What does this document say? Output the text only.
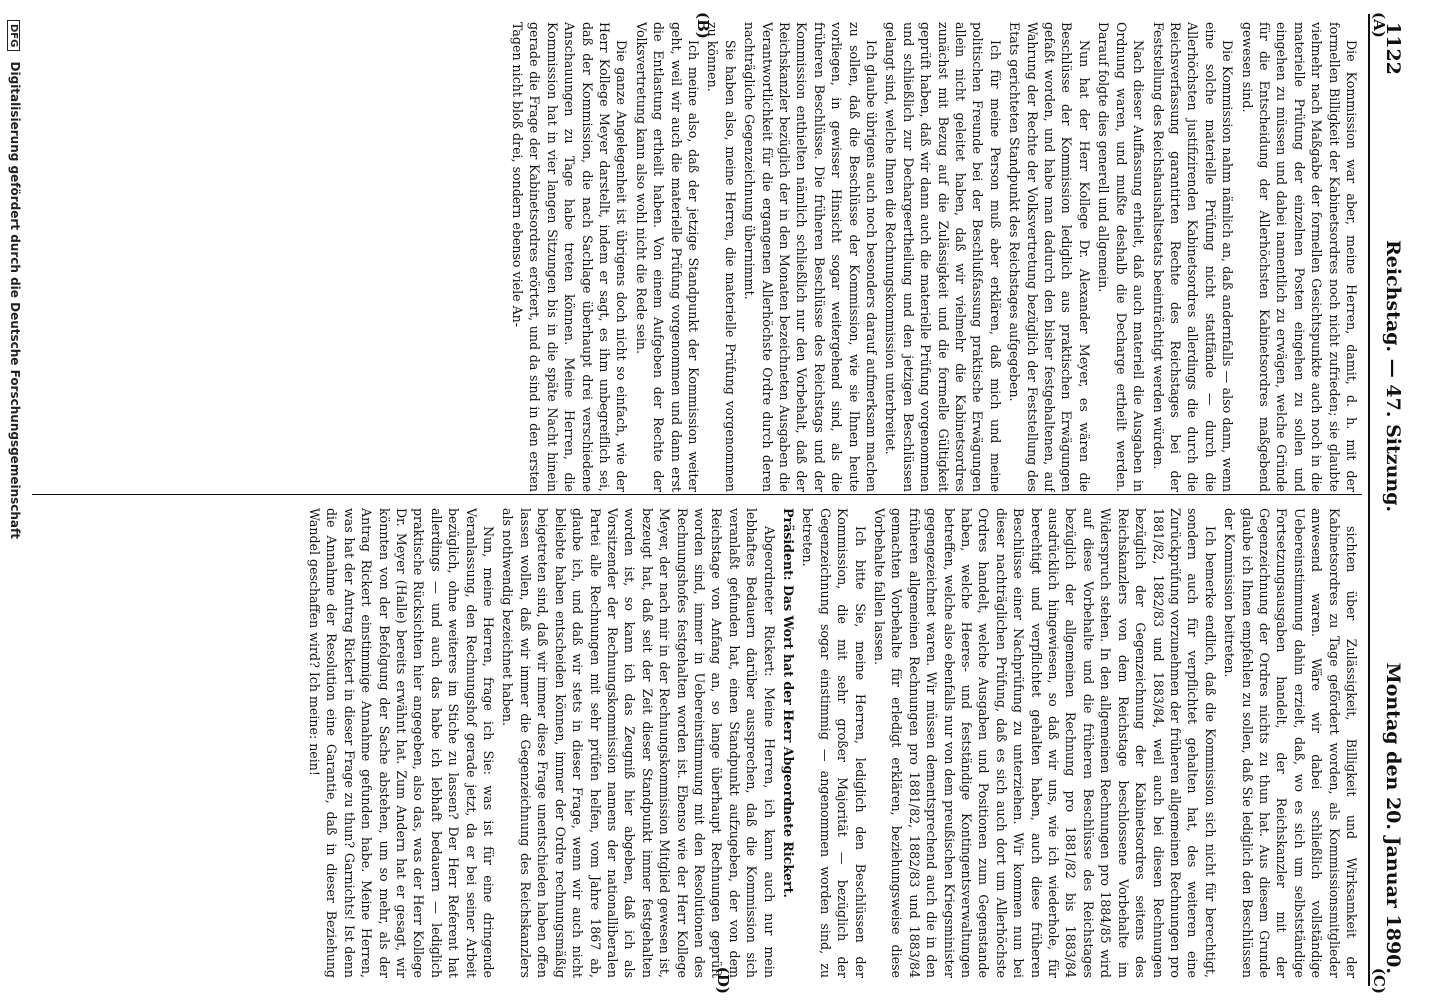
1122
Reichstag. — 47. Sitzung.
Montag den 20. Januar 1890.
(A)
(B)
(C)
(D)

Die Kommission war aber, meine Herren, damit, d. h. mit der formellen Billigkeit der Kabinetsordres noch nicht zufrieden; sie glaubte vielmehr nach Maßgabe der formellen Gesichtspunkte auch noch in die materielle Prüfung der einzelnen Posten eingehen zu sollen und eingehen zu müssen und dabei namentlich zu erwägen, welche Gründe für die Entscheidung der Allerhöchsten Kabinetsordres maßgebend gewesen sind.

Die Kommission nahm nämlich an, daß andernfalls — also dann, wenn eine solche materielle Prüfung nicht stattfände — durch die Allerhöchsten justifizirenden Kabinetsordres allerdings die durch die Reichsverfassung garantirten Rechte des Reichstages bei der Feststellung des Reichshaushaltsetats beeinträchtigt werden würden.

Nach dieser Auffassung erhielt, daß auch materiell die Ausgaben in Ordnung waren, und mußte deshalb die Decharge ertheilt werden. Darauf folgte dies generell und allgemein.

Nun hat der Herr Kollege Dr. Alexander Meyer, es wären die Beschlüsse der Kommission lediglich aus praktischen Erwägungen gefaßt worden, und habe man dadurch den bisher festgehaltenen, auf Wahrung der Rechte der Volksvertretung bezüglich der Feststellung des Etats gerichteten Standpunkt des Reichstages aufgegeben.

Ich für meine Person muß aber erklären, daß mich und meine politischen Freunde bei der Beschlußfassung praktische Erwägungen allein nicht geleitet haben, daß wir vielmehr die Kabinetsordres zunächst mit Bezug auf die Zulässigkeit und die formelle Gültigkeit geprüft haben, daß wir dann auch die materielle Prüfung vorgenommen und schließlich zur Dechargeertheilung und den jetzigen Beschlüssen gelangt sind, welche Ihnen die Rechnungskommission unterbreitet.

Ich glaube übrigens auch noch besonders darauf aufmerksam machen zu sollen, daß die Beschlüsse der Kommission, wie sie Ihnen heute vorliegen, in gewisser Hinsicht sogar weitergehend sind, als die früheren Beschlüsse. Die früheren Beschlüsse des Reichstags und der Kommission enthielten nämlich schließlich nur den Vorbehalt, daß der Reichskanzler bezüglich der in den Monaten bezeichneten Ausgaben die Verantwortlichkeit für die ergangenen Allerhöchste Ordre durch deren nachträgliche Gegenzeichnung übernimmt.

Sie haben also, meine Herren, die materielle Prüfung vorgenommen zu können.

Ich meine also, daß der jetzige Standpunkt der Kommission weiter geht, weil wir auch die materielle Prüfung vorgenommen und dann erst die Entlastung ertheilt haben. Von einem Aufgeben der Rechte der Volksvertretung kann also wohl nicht die Rede sein.

Die ganze Angelegenheit ist übrigens doch nicht so einfach, wie der Herr Kollege Meyer darstellt, indem er sagt, es ihm unbegreiflich sei, daß der Kommission, die nach Sachlage überhaupt drei verschiedene Anschauungen zu Tage habe treten können. Meine Herren, die Kommission hat in vier langen Sitzungen bis in die späte Nacht hinein gerade die Frage der Kabinetsordres erörtert, und da sind in den ersten Tagen nicht bloß drei, sondern ebenso viele An-

sichten über Zulässigkeit, Billigkeit und Wirksamkeit der Kabinetsordres zu Tage gefördert worden, als Kommissionsmitglieder anwesend waren. Wäre wir dabei schließlich vollständige Uebereinstimmung dahin erzielt, daß, wo es sich um selbstständige Fortsetzungsausgaben handelt, der Reichskanzler mit der Gegenzeichnung der Ordres nichts zu thun hat. Aus diesem Grunde glaube ich Ihnen empfehlen zu sollen, daß Sie lediglich den Beschlüssen der Kommission beitreten.

Ich bemerke endlich, daß die Kommission sich nicht für berechtigt, sondern auch für verpflichtet gehalten hat, des weiteren eine Zurückprüfung vorzunehmen der früheren allgemeinen Rechnungen pro 1881/82, 1882/83 und 1883/84, weil auch bei diesen Rechnungen bezüglich der Gegenzeichnung der Kabinetsordres seitens des Reichskanzlers von dem Reichstage beschlossene Vorbehalte im Widerspruch stehen. In den allgemeinen Rechnungen pro 1884/85 wird auf diese Vorbehalte und die früheren Beschlüsse des Reichstages bezüglich der allgemeinen Rechnung pro 1881/82 bis 1883/84 ausdrücklich hingewiesen, so daß wir uns, wie ich wiederhole, für berechtigt und verpflichtet gehalten haben, auch diese früheren Beschlüsse einer Nachprüfung zu unterziehen. Wir kommen nun bei dieser nachträglichen Prüfung, daß es sich auch dort um Allerhöchste Ordres handelt, welche Ausgaben und Positionen zum Gegenstande haben, welche Heeres- und festständige Kontingentsverwaltungen betreffen, welche also ebenfalls nur von dem preußischen Kriegsminister gegengezeichnet waren. Wir müssen dementsprechend auch die in den früheren allgemeinen Rechnungen pro 1881/82, 1882/83 und 1883/84 gemachten Vorbehalte für erledigt erklären, beziehungsweise diese Vorbehalte fallen lassen.

Ich bitte Sie, meine Herren, lediglich den Beschlüssen der Kommission, die mit sehr großer Majorität — bezüglich der Gegenzeichnung sogar einstimmig — angenommen worden sind, zu betreten.

Präsident: Das Wort hat der Herr Abgeordnete Rickert.

Abgeordneter Rickert: Meine Herren, ich kann auch nur mein lebhaftes Bedauern darüber aussprechen, daß die Kommission sich veranlaßt gefunden hat, einen Standpunkt aufzugeben, der von dem Reichstage von Anfang an, so lange überhaupt Rechnungen geprüft worden sind, immer in Uebereinstimmung mit den Resolutionen des Rechnungshofes festgehalten worden ist. Ebenso wie der Herr Kollege Meyer, der nach mir in der Rechnungskommission Mitglied gewesen ist, bezeugt hat, daß seit der Zeit dieser Standpunkt immer festgehalten worden ist, so kann ich das Zeugniß hier abgeben, daß ich als Vorsitzender der Rechnungskommission namens der nationalliberalen Partei alle Rechnungen mit sehr prüfen helfen, vom Jahre 1867 ab, glaube ich, und daß wir stets in dieser Frage, wenn wir auch nicht beliebte haben entscheiden können, immer der Ordre rechnungsmäßig beigetreten sind, daß wir immer diese Frage unentschieden haben offen lassen wollen, daß wir immer die Gegenzeichnung des Reichskanzlers als nothwendig bezeichnet haben.

Nun, meine Herren, frage ich Sie: was ist für eine dringende Veranlassung, den Rechnungshof gerade jetzt, da er bei seiner Arbeit bezüglich, ohne weiteres im Stiche zu lassen? Der Herr Referent hat allerdings — und auch das habe ich lebhaft bedauern — lediglich praktische Rücksichten hier angegeben, also das, was der Herr Kollege Dr. Meyer (Halle) bereits erwähnt hat. Zum Andern hat er gesagt, wir könnten von der Befolgung der Sache abstehen, um so mehr, als der Antrag Rickert einstimmige Annahme gefunden habe. Meine Herren, was hat der Antrag Rickert in dieser Frage zu thun? Garnichts! Ist denn die Annahme der Resolution eine Garantie, daß in dieser Beziehung Wandel geschaffen wird? Ich meine: nein!

DFG Digitalisierung gefördert durch die Deutsche Forschungsgemeinschaft
